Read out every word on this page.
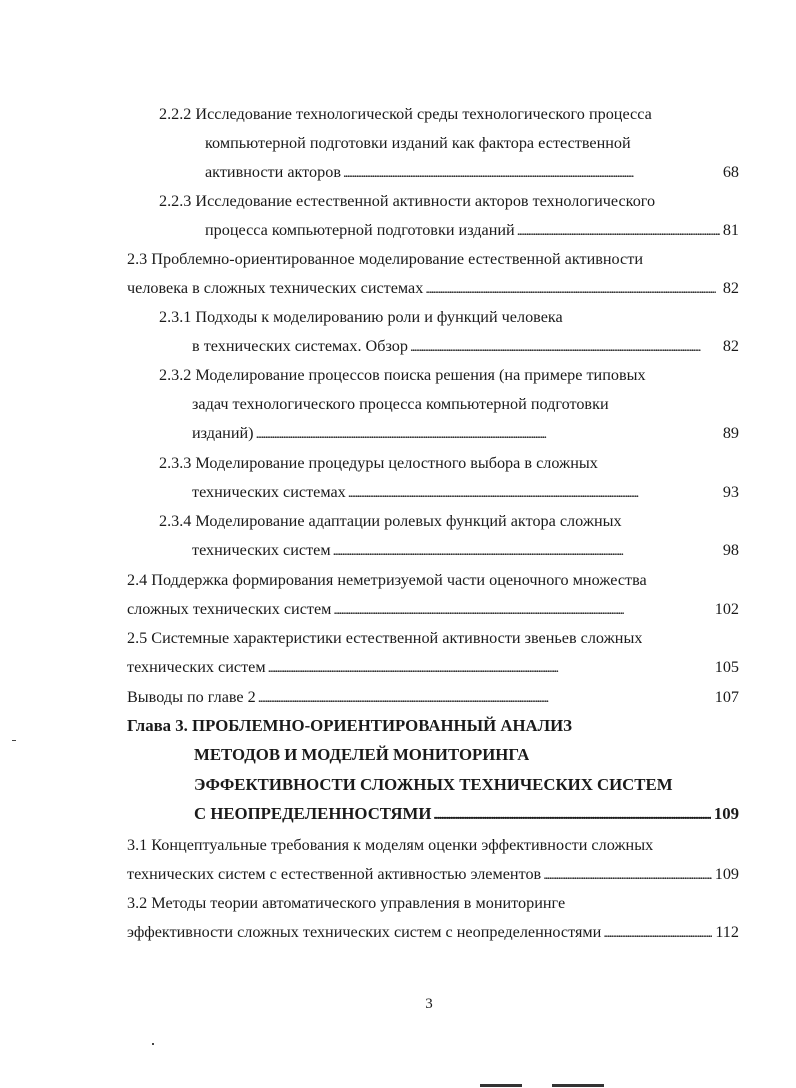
2.2.2 Исследование технологической среды технологического процесса
компьютерной подготовки изданий как фактора естественной
активности акторов . . .	68
2.2.3 Исследование естественной активности акторов технологического
процесса компьютерной подготовки изданий . . .	81
2.3 Проблемно-ориентированное моделирование естественной активности
человека в сложных технических системах . . .	82
2.3.1 Подходы к моделированию роли и функций человека
в технических системах. Обзор . . .	82
2.3.2 Моделирование процессов поиска решения (на примере типовых
задач технологического процесса компьютерной подготовки
изданий) . . .	89
2.3.3 Моделирование процедуры целостного выбора в сложных
технических системах . . .	93
2.3.4 Моделирование адаптации ролевых функций актора сложных
технических систем . . .	98
2.4 Поддержка формирования неметризуемой части оценочного множества
сложных технических систем . . .	102
2.5 Системные характеристики естественной активности звеньев сложных
технических систем . . .	105
Выводы по главе 2 . . .	107
Глава 3. ПРОБЛЕМНО-ОРИЕНТИРОВАННЫЙ АНАЛИЗ
МЕТОДОВ И МОДЕЛЕЙ МОНИТОРИНГА
ЭФФЕКТИВНОСТИ СЛОЖНЫХ ТЕХНИЧЕСКИХ СИСТЕМ
С НЕОПРЕДЕЛЕННОСТЯМИ . . .	109
3.1 Концептуальные требования к моделям оценки эффективности сложных
технических систем с естественной активностью элементов . . .	109
3.2 Методы теории автоматического управления в мониторинге
эффективности сложных технических систем с неопределенностями . . .	112
3
